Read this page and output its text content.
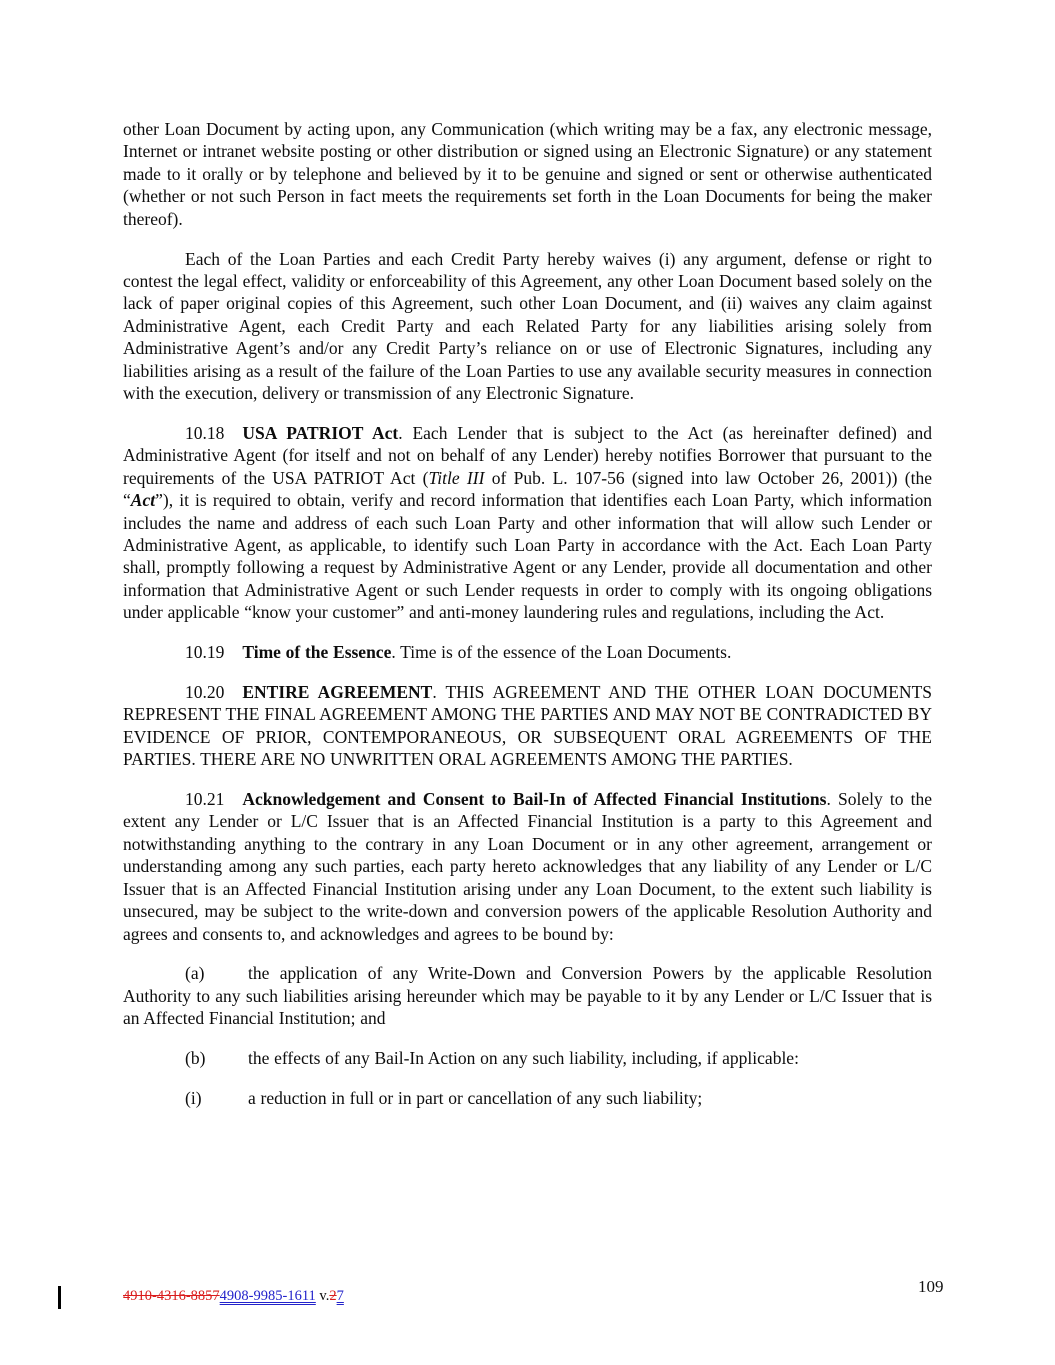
other Loan Document by acting upon, any Communication (which writing may be a fax, any electronic message, Internet or intranet website posting or other distribution or signed using an Electronic Signature) or any statement made to it orally or by telephone and believed by it to be genuine and signed or sent or otherwise authenticated (whether or not such Person in fact meets the requirements set forth in the Loan Documents for being the maker thereof).

Each of the Loan Parties and each Credit Party hereby waives (i) any argument, defense or right to contest the legal effect, validity or enforceability of this Agreement, any other Loan Document based solely on the lack of paper original copies of this Agreement, such other Loan Document, and (ii) waives any claim against Administrative Agent, each Credit Party and each Related Party for any liabilities arising solely from Administrative Agent’s and/or any Credit Party’s reliance on or use of Electronic Signatures, including any liabilities arising as a result of the failure of the Loan Parties to use any available security measures in connection with the execution, delivery or transmission of any Electronic Signature.

10.18 USA PATRIOT Act. Each Lender that is subject to the Act (as hereinafter defined) and Administrative Agent (for itself and not on behalf of any Lender) hereby notifies Borrower that pursuant to the requirements of the USA PATRIOT Act (Title III of Pub. L. 107-56 (signed into law October 26, 2001)) (the “Act”), it is required to obtain, verify and record information that identifies each Loan Party, which information includes the name and address of each such Loan Party and other information that will allow such Lender or Administrative Agent, as applicable, to identify such Loan Party in accordance with the Act. Each Loan Party shall, promptly following a request by Administrative Agent or any Lender, provide all documentation and other information that Administrative Agent or such Lender requests in order to comply with its ongoing obligations under applicable “know your customer” and anti-money laundering rules and regulations, including the Act.

10.19 Time of the Essence. Time is of the essence of the Loan Documents.

10.20 ENTIRE AGREEMENT. THIS AGREEMENT AND THE OTHER LOAN DOCUMENTS REPRESENT THE FINAL AGREEMENT AMONG THE PARTIES AND MAY NOT BE CONTRADICTED BY EVIDENCE OF PRIOR, CONTEMPORANEOUS, OR SUBSEQUENT ORAL AGREEMENTS OF THE PARTIES. THERE ARE NO UNWRITTEN ORAL AGREEMENTS AMONG THE PARTIES.

10.21 Acknowledgement and Consent to Bail-In of Affected Financial Institutions. Solely to the extent any Lender or L/C Issuer that is an Affected Financial Institution is a party to this Agreement and notwithstanding anything to the contrary in any Loan Document or in any other agreement, arrangement or understanding among any such parties, each party hereto acknowledges that any liability of any Lender or L/C Issuer that is an Affected Financial Institution arising under any Loan Document, to the extent such liability is unsecured, may be subject to the write-down and conversion powers of the applicable Resolution Authority and agrees and consents to, and acknowledges and agrees to be bound by:

(a) the application of any Write-Down and Conversion Powers by the applicable Resolution Authority to any such liabilities arising hereunder which may be payable to it by any Lender or L/C Issuer that is an Affected Financial Institution; and

(b) the effects of any Bail-In Action on any such liability, including, if applicable:

(i)	a reduction in full or in part or cancellation of any such liability;

4910-4316-88574908-9985-1611 v.27	109
